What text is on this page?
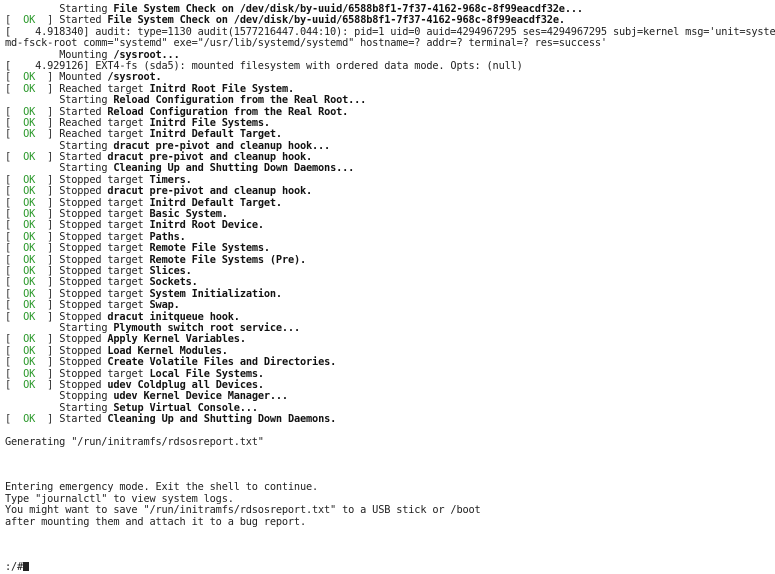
Starting File System Check on /dev/disk/by-uuid/6588b8f1-7f37-4162-968c-8f99eacdf32e...
[ OK ] Started File System Check on /dev/disk/by-uuid/6588b8f1-7f37-4162-968c-8f99eacdf32e.
[    4.918340] audit: type=1130 audit(1577216447.044:10): pid=1 uid=0 auid=4294967295 ses=4294967295 subj=kernel msg='unit=syste
md-fsck-root comm="systemd" exe="/usr/lib/systemd/systemd" hostname=? addr=? terminal=? res=success'
Mounting /sysroot...
[    4.929126] EXT4-fs (sda5): mounted filesystem with ordered data mode. Opts: (null)
[ OK ] Mounted /sysroot.
[ OK ] Reached target Initrd Root File System.
Starting Reload Configuration from the Real Root...
[ OK ] Started Reload Configuration from the Real Root.
[ OK ] Reached target Initrd File Systems.
[ OK ] Reached target Initrd Default Target.
Starting dracut pre-pivot and cleanup hook...
[ OK ] Started dracut pre-pivot and cleanup hook.
Starting Cleaning Up and Shutting Down Daemons...
[ OK ] Stopped target Timers.
[ OK ] Stopped dracut pre-pivot and cleanup hook.
[ OK ] Stopped target Initrd Default Target.
[ OK ] Stopped target Basic System.
[ OK ] Stopped target Initrd Root Device.
[ OK ] Stopped target Paths.
[ OK ] Stopped target Remote File Systems.
[ OK ] Stopped target Remote File Systems (Pre).
[ OK ] Stopped target Slices.
[ OK ] Stopped target Sockets.
[ OK ] Stopped target System Initialization.
[ OK ] Stopped target Swap.
[ OK ] Stopped dracut initqueue hook.
Starting Plymouth switch root service...
[ OK ] Stopped Apply Kernel Variables.
[ OK ] Stopped Load Kernel Modules.
[ OK ] Stopped Create Volatile Files and Directories.
[ OK ] Stopped target Local File Systems.
[ OK ] Stopped udev Coldplug all Devices.
Stopping udev Kernel Device Manager...
Starting Setup Virtual Console...
[ OK ] Started Cleaning Up and Shutting Down Daemons.

Generating "/run/initramfs/rdsosreport.txt"

Entering emergency mode. Exit the shell to continue.
Type "journalctl" to view system logs.
You might want to save "/run/initramfs/rdsosreport.txt" to a USB stick or /boot
after mounting them and attach it to a bug report.

:/#
